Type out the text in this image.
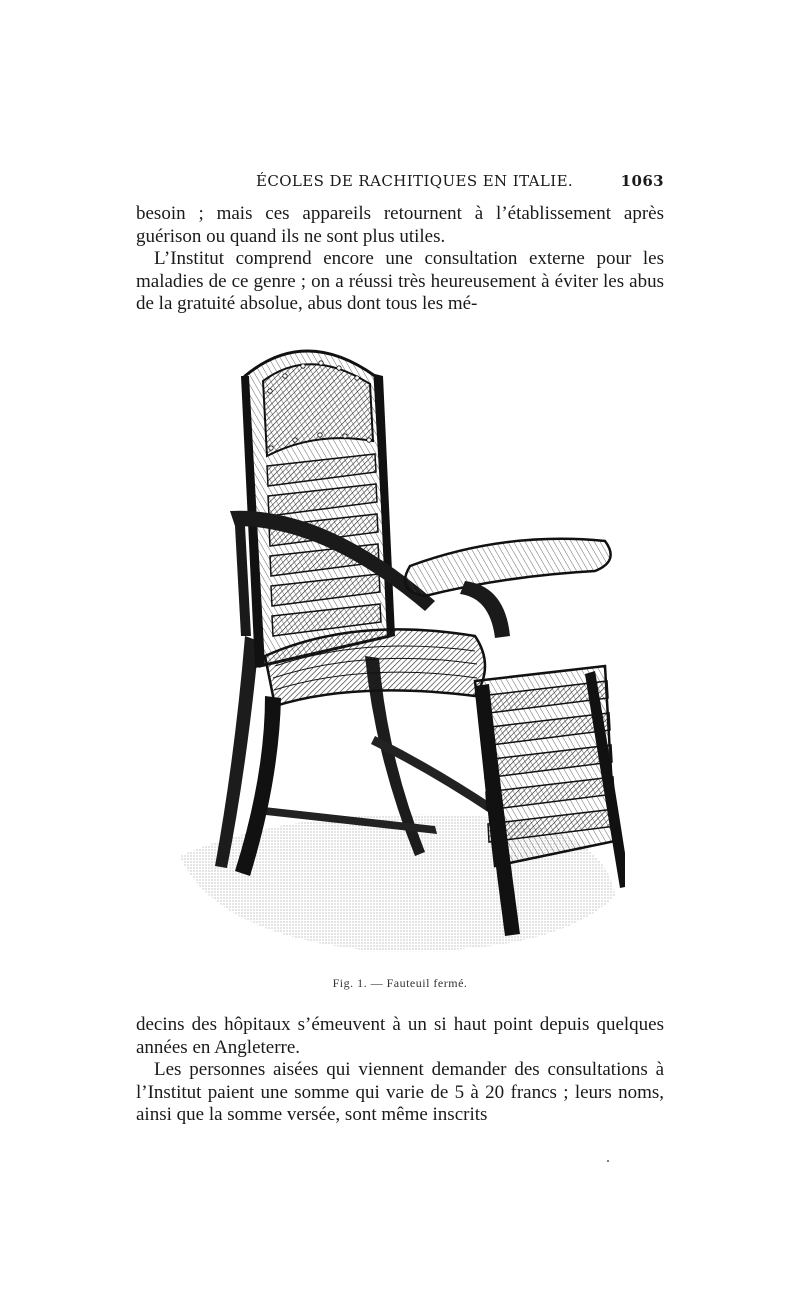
ÉCOLES DE RACHITIQUES EN ITALIE.	1063

besoin ; mais ces appareils retournent à l’établissement après guérison ou quand ils ne sont plus utiles.

L’Institut comprend encore une consultation externe pour les maladies de ce genre ; on a réussi très heureusement à éviter les abus de la gratuité absolue, abus dont tous les mé-

Fig. 1. — Fauteuil fermé.

decins des hôpitaux s’émeuvent à un si haut point depuis quelques années en Angleterre.

Les personnes aisées qui viennent demander des consultations à l’Institut paient une somme qui varie de 5 à 20 francs ; leurs noms, ainsi que la somme versée, sont même inscrits
